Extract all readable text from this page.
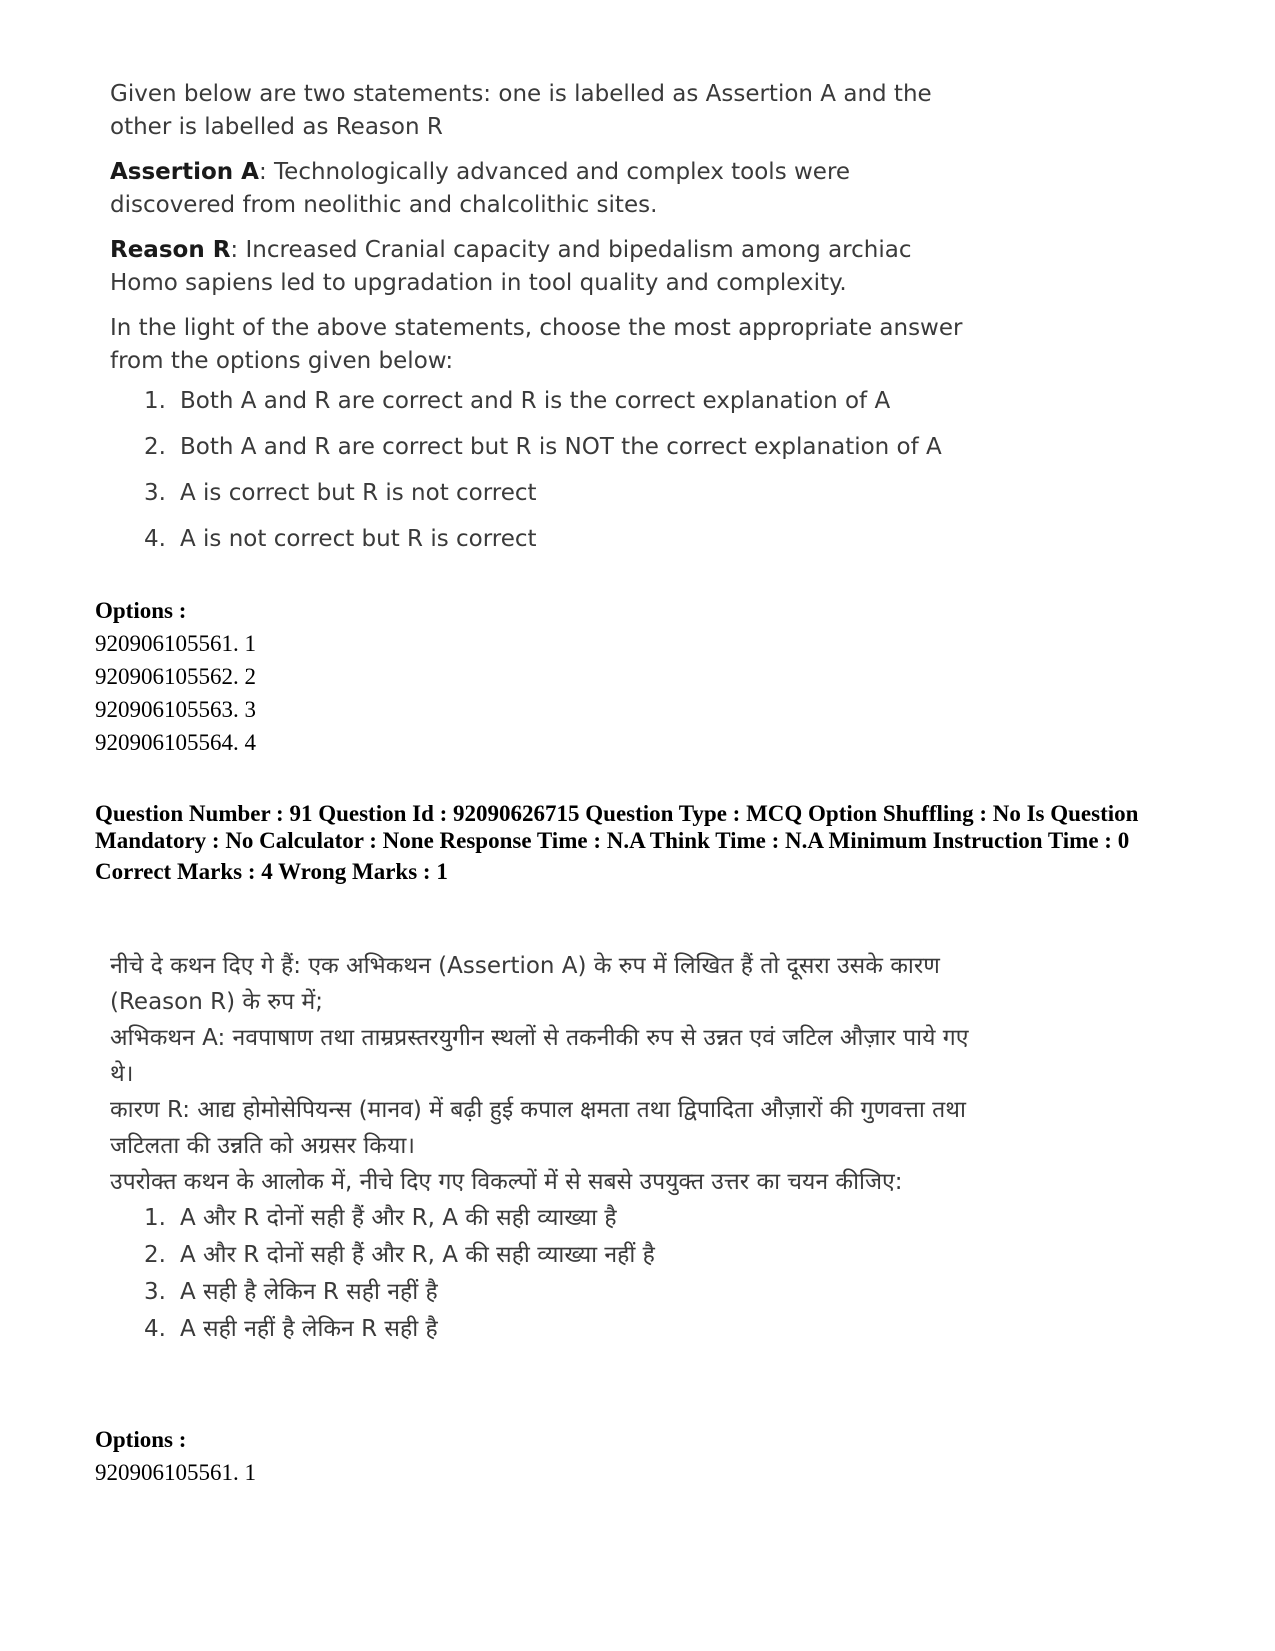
Given below are two statements: one is labelled as Assertion A and the other is labelled as Reason R

Assertion A: Technologically advanced and complex tools were discovered from neolithic and chalcolithic sites.

Reason R: Increased Cranial capacity and bipedalism among archiac Homo sapiens led to upgradation in tool quality and complexity.

In the light of the above statements, choose the most appropriate answer from the options given below:

1. Both A and R are correct and R is the correct explanation of A
2. Both A and R are correct but R is NOT the correct explanation of A
3. A is correct but R is not correct
4. A is not correct but R is correct
Options :
920906105561. 1
920906105562. 2
920906105563. 3
920906105564. 4
Question Number : 91 Question Id : 92090626715 Question Type : MCQ Option Shuffling : No Is Question Mandatory : No Calculator : None Response Time : N.A Think Time : N.A Minimum Instruction Time : 0
Correct Marks : 4 Wrong Marks : 1

नीचे दे कथन दिए गे हैं: एक अभिकथन (Assertion A) के रुप में लिखित हैं तो दूसरा उसके कारण (Reason R) के रुप में;

अभिकथन A: नवपाषाण तथा ताम्रप्रस्तरयुगीन स्थलों से तकनीकी रुप से उन्नत एवं जटिल औज़ार पाये गए थे।

कारण R: आद्य होमोसेपियन्स (मानव) में बढ़ी हुई कपाल क्षमता तथा द्विपादिता औज़ारों की गुणवत्ता तथा जटिलता की उन्नति को अग्रसर किया।

उपरोक्त कथन के आलोक में, नीचे दिए गए विकल्पों में से सबसे उपयुक्त उत्तर का चयन कीजिए:

1. A और R दोनों सही हैं और R, A की सही व्याख्या है
2. A और R दोनों सही हैं और R, A की सही व्याख्या नहीं है
3. A सही है लेकिन R सही नहीं है
4. A सही नहीं है लेकिन R सही है
Options :
920906105561. 1
